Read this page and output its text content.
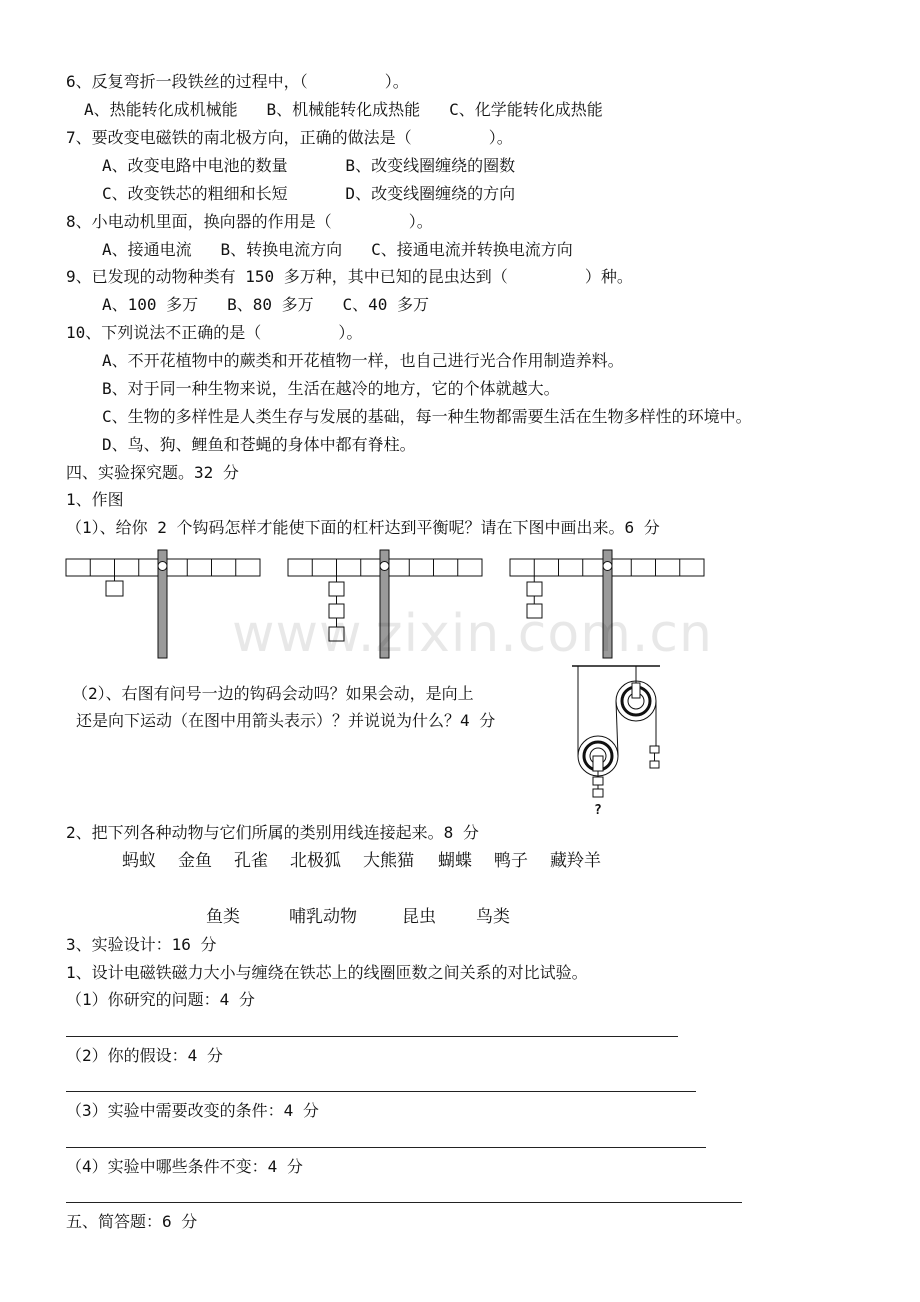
6、反复弯折一段铁丝的过程中，（        ）。
A、热能转化成机械能   B、机械能转化成热能   C、化学能转化成热能
7、要改变电磁铁的南北极方向，正确的做法是（        ）。
A、改变电路中电池的数量      B、改变线圈缠绕的圈数
C、改变铁芯的粗细和长短      D、改变线圈缠绕的方向
8、小电动机里面，换向器的作用是（        ）。
A、接通电流   B、转换电流方向   C、接通电流并转换电流方向
9、已发现的动物种类有 150 多万种，其中已知的昆虫达到（        ）种。
A、100 多万   B、80 多万   C、40 多万
10、下列说法不正确的是（        ）。
A、不开花植物中的蕨类和开花植物一样，也自己进行光合作用制造养料。
B、对于同一种生物来说，生活在越冷的地方，它的个体就越大。
C、生物的多样性是人类生存与发展的基础，每一种生物都需要生活在生物多样性的环境中。
D、鸟、狗、鲤鱼和苍蝇的身体中都有脊柱。
四、实验探究题。32 分
1、作图
（1）、给你 2 个钩码怎样才能使下面的杠杆达到平衡呢？请在下图中画出来。6 分
www.zixin.com.cn
（2）、右图有问号一边的钩码会动吗？如果会动，是向上
还是向下运动（在图中用箭头表示）？并说说为什么？4 分
?
2、把下列各种动物与它们所属的类别用线连接起来。8 分
蚂蚁 金鱼 孔雀 北极狐 大熊猫 蝴蝶 鸭子 藏羚羊
鱼类	哺乳动物	昆虫 鸟类
3、实验设计：16 分
1、设计电磁铁磁力大小与缠绕在铁芯上的线圈匝数之间关系的对比试验。
（1）你研究的问题：4 分
（2）你的假设：4 分
（3）实验中需要改变的条件：4 分
（4）实验中哪些条件不变：4 分
五、简答题：6 分
